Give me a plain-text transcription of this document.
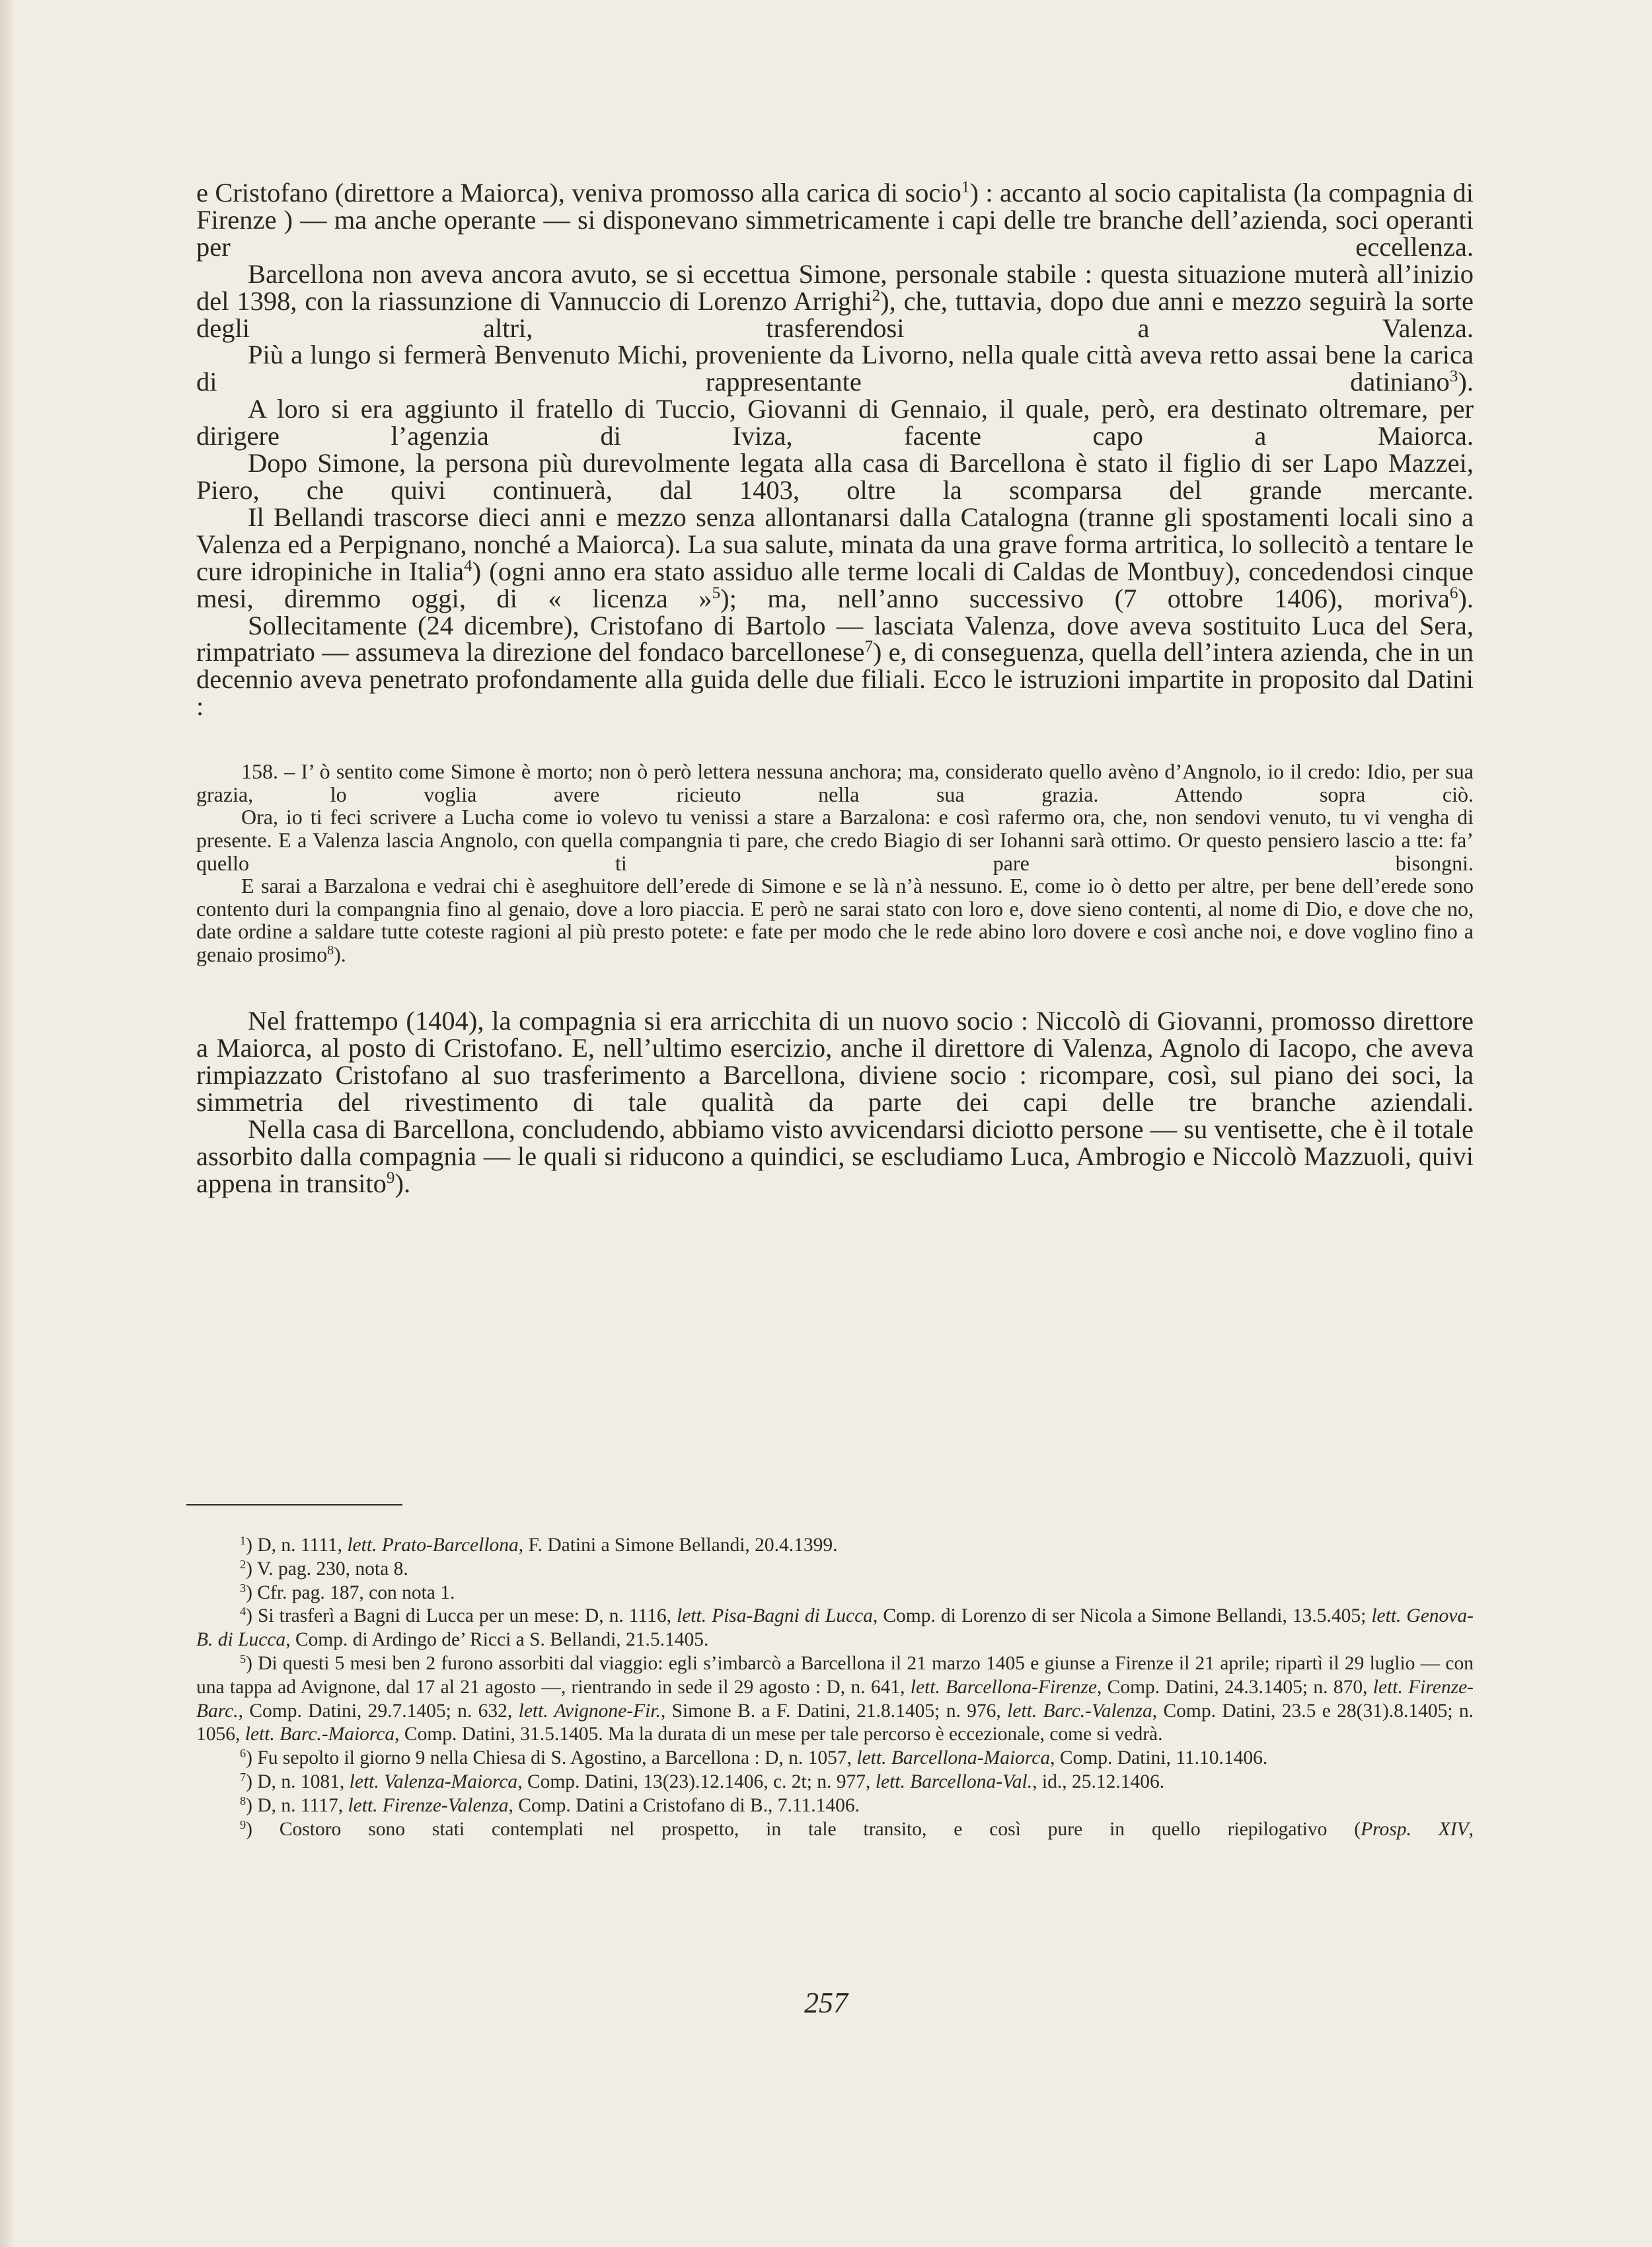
e Cristofano (direttore a Maiorca), veniva promosso alla carica di socio$^1$) : accanto al socio capitalista (la compagnia di Firenze ) — ma anche operante — si disponevano simmetricamente i capi delle tre branche dell’azienda, soci operanti per eccellenza.

Barcellona non aveva ancora avuto, se si eccettua Simone, personale stabile : questa situazione muterà all’inizio del 1398, con la riassunzione di Vannuccio di Lorenzo Arrighi$^2$), che, tuttavia, dopo due anni e mezzo seguirà la sorte degli altri, trasferendosi a Valenza.

Più a lungo si fermerà Benvenuto Michi, proveniente da Livorno, nella quale città aveva retto assai bene la carica di rappresentante datiniano$^3$).

A loro si era aggiunto il fratello di Tuccio, Giovanni di Gennaio, il quale, però, era destinato oltremare, per dirigere l’agenzia di Iviza, facente capo a Maiorca.

Dopo Simone, la persona più durevolmente legata alla casa di Barcellona è stato il figlio di ser Lapo Mazzei, Piero, che quivi continuerà, dal 1403, oltre la scomparsa del grande mercante.

Il Bellandi trascorse dieci anni e mezzo senza allontanarsi dalla Catalogna (tranne gli spostamenti locali sino a Valenza ed a Perpignano, nonché a Maiorca). La sua salute, minata da una grave forma artritica, lo sollecitò a tentare le cure idropiniche in Italia$^4$) (ogni anno era stato assiduo alle terme locali di Caldas de Montbuy), concedendosi cinque mesi, diremmo oggi, di « licenza »$^5$); ma, nell’anno successivo (7 ottobre 1406), moriva$^6$).

Sollecitamente (24 dicembre), Cristofano di Bartolo — lasciata Valenza, dove aveva sostituito Luca del Sera, rimpatriato — assumeva la direzione del fondaco barcellonese$^7$) e, di conseguenza, quella dell’intera azienda, che in un decennio aveva penetrato profondamente alla guida delle due filiali. Ecco le istruzioni impartite in proposito dal Datini :

158. – I’ ò sentito come Simone è morto; non ò però lettera nessuna anchora; ma, considerato quello avèno d’Angnolo, io il credo: Idio, per sua grazia, lo voglia avere ricieuto nella sua grazia. Attendo sopra ciò.

Ora, io ti feci scrivere a Lucha come io volevo tu venissi a stare a Barzalona: e così rafermo ora, che, non sendovi venuto, tu vi vengha di presente. E a Valenza lascia Angnolo, con quella compangnia ti pare, che credo Biagio di ser Iohanni sarà ottimo. Or questo pensiero lascio a tte: fa’ quello ti pare bisongni.

E sarai a Barzalona e vedrai chi è aseghuitore dell’erede di Simone e se là n’à nessuno. E, come io ò detto per altre, per bene dell’erede sono contento duri la compangnia fino al genaio, dove a loro piaccia. E però ne sarai stato con loro e, dove sieno contenti, al nome di Dio, e dove che no, date ordine a saldare tutte coteste ragioni al più presto potete: e fate per modo che le rede abino loro dovere e così anche noi, e dove voglino fino a genaio prosimo$^8$).

Nel frattempo (1404), la compagnia si era arricchita di un nuovo socio : Niccolò di Giovanni, promosso direttore a Maiorca, al posto di Cristofano. E, nell’ultimo esercizio, anche il direttore di Valenza, Agnolo di Iacopo, che aveva rimpiazzato Cristofano al suo trasferimento a Barcellona, diviene socio : ricompare, così, sul piano dei soci, la simmetria del rivestimento di tale qualità da parte dei capi delle tre branche aziendali.

Nella casa di Barcellona, concludendo, abbiamo visto avvicendarsi diciotto persone — su ventisette, che è il totale assorbito dalla compagnia — le quali si riducono a quindici, se escludiamo Luca, Ambrogio e Niccolò Mazzuoli, quivi appena in transito$^9$).

$^1$) D, n. 1111, lett. Prato-Barcellona, F. Datini a Simone Bellandi, 20.4.1399.

$^2$) V. pag. 230, nota 8.

$^3$) Cfr. pag. 187, con nota 1.

$^4$) Si trasferì a Bagni di Lucca per un mese: D, n. 1116, lett. Pisa-Bagni di Lucca, Comp. di Lorenzo di ser Nicola a Simone Bellandi, 13.5.405; lett. Genova-B. di Lucca, Comp. di Ardingo de’ Ricci a S. Bellandi, 21.5.1405.

$^5$) Di questi 5 mesi ben 2 furono assorbiti dal viaggio: egli s’imbarcò a Barcellona il 21 marzo 1405 e giunse a Firenze il 21 aprile; ripartì il 29 luglio — con una tappa ad Avignone, dal 17 al 21 agosto —, rientrando in sede il 29 agosto : D, n. 641, lett. Barcellona-Firenze, Comp. Datini, 24.3.1405; n. 870, lett. Firenze-Barc., Comp. Datini, 29.7.1405; n. 632, lett. Avignone-Fir., Simone B. a F. Datini, 21.8.1405; n. 976, lett. Barc.-Valenza, Comp. Datini, 23.5 e 28(31).8.1405; n. 1056, lett. Barc.-Maiorca, Comp. Datini, 31.5.1405. Ma la durata di un mese per tale percorso è eccezionale, come si vedrà.

$^6$) Fu sepolto il giorno 9 nella Chiesa di S. Agostino, a Barcellona : D, n. 1057, lett. Barcellona-Maiorca, Comp. Datini, 11.10.1406.

$^7$) D, n. 1081, lett. Valenza-Maiorca, Comp. Datini, 13(23).12.1406, c. 2t; n. 977, lett. Barcellona-Val., id., 25.12.1406.

$^8$) D, n. 1117, lett. Firenze-Valenza, Comp. Datini a Cristofano di B., 7.11.1406.

$^9$) Costoro sono stati contemplati nel prospetto, in tale transito, e così pure in quello riepilogativo (Prosp. XIV,

257
